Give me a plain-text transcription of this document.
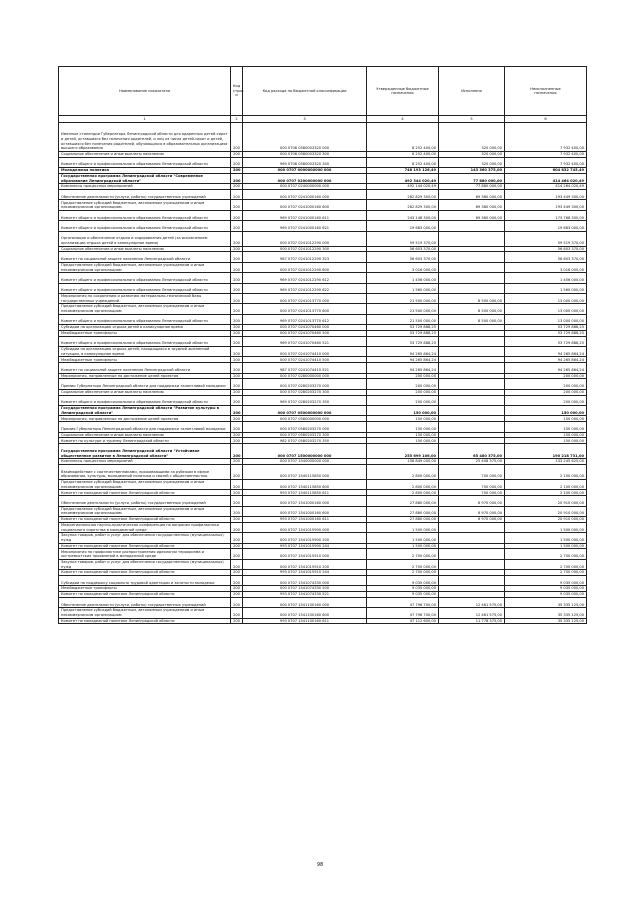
Наименование показателя	Код
строк
и	Код расхода по бюджетной классификации	Утвержденные бюджетные
назначения	Исполнено	Неисполненные
назначения
1	2	3	4	5	6
Именные стипендии Губернатора Ленинградской области для одаренных детей-сирот и детей, оставшихся без попечения родителей, и лиц из числа детей-сирот и детей, оставшихся без попечения родителей, обучающихся в образовательных организациях высшего образования	200	000 0706 0580003320 000	8 252 400,00	320 000,00	7 932 400,00
Социальное обеспечение и иные выплаты населению	200	000 0706 0580003320 300	8 252 400,00	320 000,00	7 932 400,00
Комитет общего и профессионального образования Ленинградской области	200	969 0706 0580003320 340	8 252 400,00	320 000,00	7 932 400,00
Молодежная политика	200	000 0707 0000000000 000	748 193 126,49	143 360 375,00	604 832 745,49
Государственная программа Ленинградской области "Современное образование Ленинградской области"	200	000 0707 0200000000 000	492 344 020,49	77 880 000,00	414 464 020,49
Комплексы процессных мероприятий	200	000 0707 0240000000 000	492 144 020,49	77 880 000,00	414 264 020,49
Обеспечение деятельности (услуги, работы) государственных учреждений	200	000 0707 0241000160 000	282 829 300,00	69 380 000,00	193 449 300,00
Предоставление субсидий бюджетным, автономным учреждениям и иным некоммерческим организациям	200	000 0707 0241000160 600	282 829 300,00	69 380 000,00	193 449 300,00
Комитет общего и профессионального образования Ленинградской области	200	969 0707 0241000160 611	243 148 300,00	69 380 000,00	173 768 300,00
Комитет общего и профессионального образования Ленинградской области	200	969 0707 0241000160 621	19 683 000,00		19 683 000,00
Организация и обеспечение отдыха и оздоровления детей (за исключением организации отдыха детей в каникулярное время)	200	000 0707 0241012290 000	59 519 370,00		59 519 370,00
Социальное обеспечение и иные выплаты населению	200	000 0707 0241012290 300	56 603 370,00		56 603 370,00
Комитет по социальной защите населения Ленинградской области	200	987 0707 0241012290 323	56 603 370,00		56 603 370,00
Предоставление субсидий бюджетным, автономным учреждениям и иным некоммерческим организациям	200	000 0707 0241012290 600	3 016 000,00		3 016 000,00
Комитет общего и профессионального образования Ленинградской области	200	969 0707 0241012290 612	1 456 000,00		1 456 000,00
Комитет общего и профессионального образования Ленинградской области	200	969 0707 0241012290 622	1 560 000,00		1 560 000,00
Мероприятия по сохранению и развитию материально-технической базы государственных учреждений	200	000 0707 0241013770 000	21 500 000,00	8 500 000,00	13 000 000,00
Предоставление субсидий бюджетным, автономным учреждениям и иным некоммерческим организациям	200	000 0707 0241013770 600	21 500 000,00	8 500 000,00	13 000 000,00
Комитет общего и профессионального образования Ленинградской области	200	969 0707 0241013770 612	21 500 000,00	8 500 000,00	13 000 000,00
Субсидии на организацию отдыха детей в каникулярное время	200	000 0707 0241070460 000	53 729 888,25		53 729 888,25
Межбюджетные трансферты	200	000 0707 0241070460 500	53 729 888,25		53 729 888,25
Комитет общего и профессионального образования Ленинградской области	200	969 0707 0241070460 521	53 729 888,25		53 729 888,25
Субсидии на организацию отдыха детей, находящихся в трудной жизненной ситуации, в каникулярное время	200	000 0707 0241074410 000	94 265 864,24		94 265 864,24
Межбюджетные трансферты	200	000 0707 0241074410 500	94 265 864,24		94 265 864,24
Комитет по социальной защите населения Ленинградской области	200	987 0707 0241074410 521	94 265 864,24		94 265 864,24
Мероприятия, направленные на достижение целей проектов	200	000 0707 0280000000 000	200 000,00		200 000,00
Премии Губернатора Ленинградской области для поддержки талантливой молодежи	200	000 0707 0280203270 000	200 000,00		200 000,00
Социальное обеспечение и иные выплаты населению	200	000 0707 0280203270 300	200 000,00		200 000,00
Комитет общего и профессионального образования Ленинградской области	200	969 0707 0280203270 350	200 000,00		200 000,00
Государственная программа Ленинградской области "Развитие культуры в Ленинградской области"	200	000 0707 0500000000 000	150 000,00		150 000,00
Мероприятия, направленные на достижение целей проектов	200	000 0707 0580000000 000	150 000,00		150 000,00
Премия Губернатора Ленинградской области для поддержки талантливой молодежи	200	000 0707 0580203270 000	150 000,00		150 000,00
Социальное обеспечение и иные выплаты населению	200	000 0707 0580203270 300	150 000,00		150 000,00
Комитет по культуре и туризму Ленинградской области	200	982 0707 0580203270 350	150 000,00		150 000,00
Государственная программа Ленинградской области "Устойчивое общественное развитие в Ленинградской области"	200	000 0707 1500000000 000	255 699 106,00	65 480 375,00	190 218 731,00
Комплексы процессных мероприятий	200	000 0707 1540000000 000	158 849 000,00	25 408 375,00	133 245 625,00
Взаимодействие с соотечественниками, проживающими за рубежом в сфере образования, культуры, молодежной политики и связей с общественностью	200	000 0707 1540115850 000	2 800 000,00	700 000,00	2 100 000,00
Предоставление субсидий бюджетным, автономным учреждениям и иным некоммерческим организациям	200	000 0707 1540115850 600	2 800 000,00	700 000,00	2 100 000,00
Комитет по молодежной политике Ленинградской области	200	993 0707 1540115850 611	2 800 000,00	700 000,00	2 100 000,00
Обеспечение деятельности (услуги, работы) государственных учреждений	200	000 0707 1541000160 000	27 880 000,00	6 970 000,00	20 910 000,00
Предоставление субсидий бюджетным, автономным учреждениям и иным некоммерческим организациям	200	000 0707 1541000160 600	27 880 000,00	6 970 000,00	20 910 000,00
Комитет по молодежной политике Ленинградской области	200	993 0707 1541000160 611	27 880 000,00	6 970 000,00	20 910 000,00
Межрегиональная научно-практическая конференция по вопросам профилактики социального сиротства в молодежной среде	200	000 0707 1541015900 000	1 500 000,00		1 500 000,00
Закупка товаров, работ и услуг для обеспечения государственных (муниципальных) нужд	200	000 0707 1541015900 200	1 500 000,00		1 500 000,00
Комитет по молодежной политике Ленинградской области	200	993 0707 1541015900 244	1 500 000,00		1 500 000,00
Мероприятия по профилактике распространения идеологии терроризма и экстремистских проявлений в молодежной среде	200	000 0707 1541015910 000	2 700 000,00		2 700 000,00
Закупка товаров, работ и услуг для обеспечения государственных (муниципальных) нужд	200	000 0707 1541015910 200	2 700 000,00		2 700 000,00
Комитет по молодежной политике Ленинградской области	200	993 0707 1541015910 244	2 700 000,00		2 700 000,00
Субсидии на поддержку социально трудовой адаптации и занятости молодежи	200	000 0707 1541074330 000	9 035 000,00		9 035 000,00
Межбюджетные трансферты	200	000 0707 1541074330 500	9 035 000,00		9 035 000,00
Комитет по молодежной политике Ленинградской области	200	993 0707 1541074330 521	9 035 000,00		9 035 000,00
Обеспечение деятельности (услуги, работы) государственных учреждений	200	000 0707 1541100160 000	47 796 700,00	12 461 575,00	35 335 125,00
Предоставление субсидий бюджетным, автономным учреждениям и иным некоммерческим организациям	200	000 0707 1541100160 600	47 796 700,00	12 461 575,00	35 335 125,00
Комитет по молодежной политике Ленинградской области	200	993 0707 1541100160 611	47 112 600,00	11 778 375,00	35 335 125,00
98
